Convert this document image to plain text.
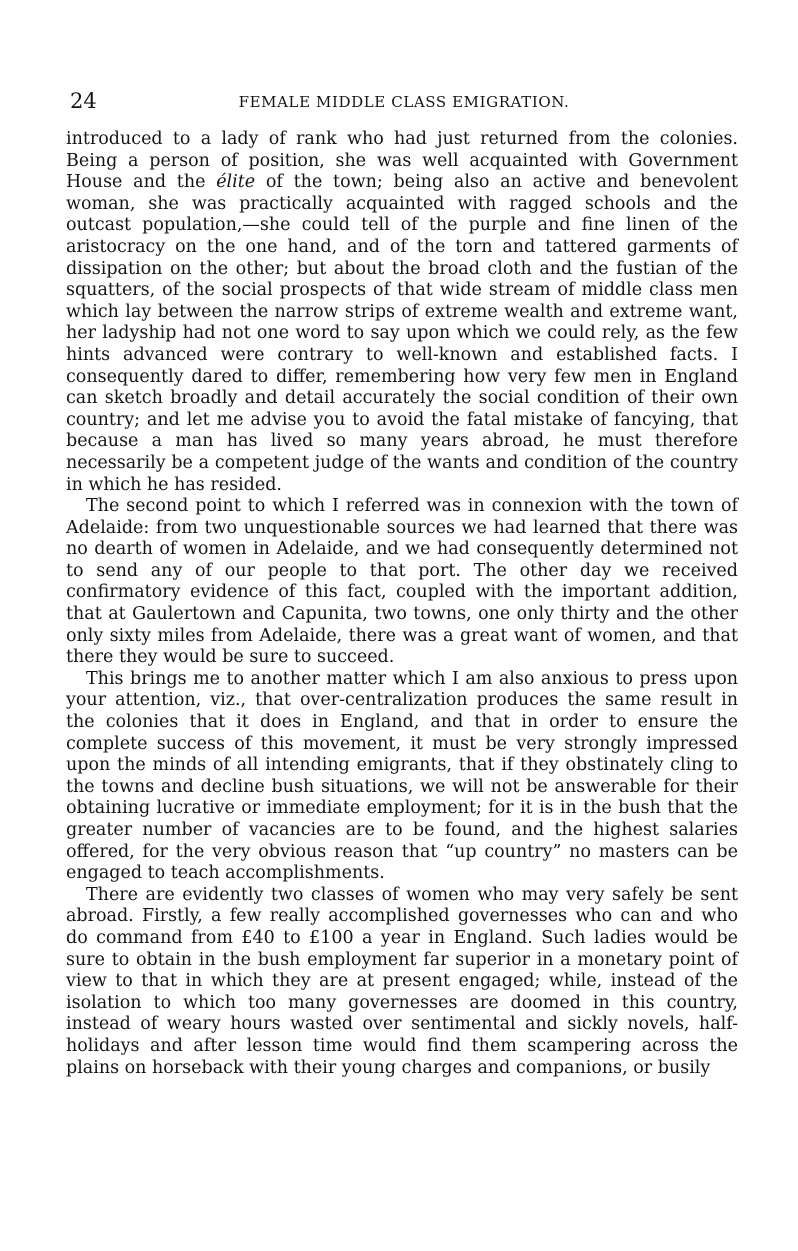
24	FEMALE MIDDLE CLASS EMIGRATION.

introduced to a lady of rank who had just returned from the colonies. Being a person of position, she was well acquainted with Government House and the élite of the town; being also an active and benevolent woman, she was practically acquainted with ragged schools and the outcast population,—she could tell of the purple and fine linen of the aristocracy on the one hand, and of the torn and tattered garments of dissipation on the other; but about the broad cloth and the fustian of the squatters, of the social prospects of that wide stream of middle class men which lay between the narrow strips of extreme wealth and extreme want, her ladyship had not one word to say upon which we could rely, as the few hints advanced were contrary to well-known and established facts. I consequently dared to differ, remembering how very few men in England can sketch broadly and detail accurately the social condition of their own country; and let me advise you to avoid the fatal mistake of fancying, that because a man has lived so many years abroad, he must therefore necessarily be a competent judge of the wants and condition of the country in which he has resided.

The second point to which I referred was in connexion with the town of Adelaide: from two unquestionable sources we had learned that there was no dearth of women in Adelaide, and we had consequently determined not to send any of our people to that port. The other day we received confirmatory evidence of this fact, coupled with the important addition, that at Gaulertown and Capunita, two towns, one only thirty and the other only sixty miles from Adelaide, there was a great want of women, and that there they would be sure to succeed.

This brings me to another matter which I am also anxious to press upon your attention, viz., that over-centralization produces the same result in the colonies that it does in England, and that in order to ensure the complete success of this movement, it must be very strongly impressed upon the minds of all intending emigrants, that if they obstinately cling to the towns and decline bush situations, we will not be answerable for their obtaining lucrative or immediate employment; for it is in the bush that the greater number of vacancies are to be found, and the highest salaries offered, for the very obvious reason that “up country” no masters can be engaged to teach accomplishments.

There are evidently two classes of women who may very safely be sent abroad. Firstly, a few really accomplished governesses who can and who do command from £40 to £100 a year in England. Such ladies would be sure to obtain in the bush employment far superior in a monetary point of view to that in which they are at present engaged; while, instead of the isolation to which too many governesses are doomed in this country, instead of weary hours wasted over sentimental and sickly novels, half-holidays and after lesson time would find them scampering across the plains on horseback with their young charges and companions, or busily
